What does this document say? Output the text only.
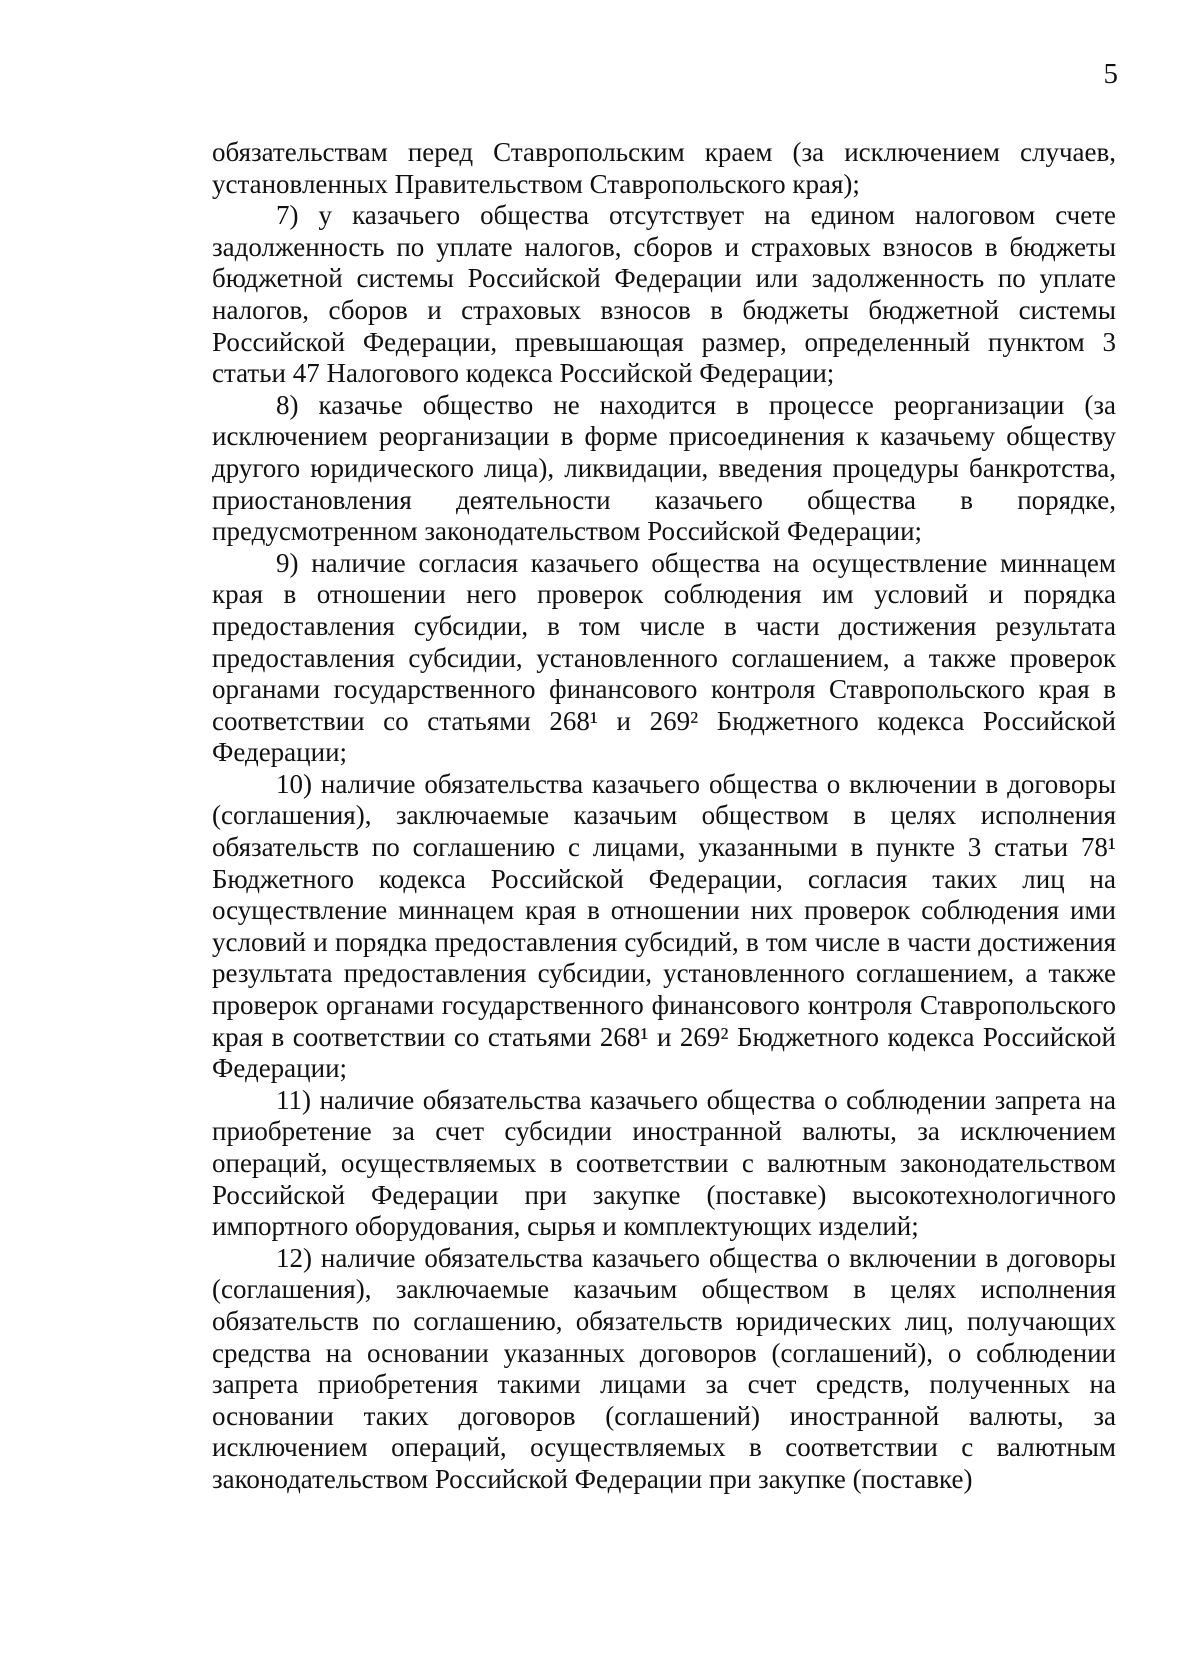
5

обязательствам перед Ставропольским краем (за исключением случаев, установленных Правительством Ставропольского края);

7) у казачьего общества отсутствует на едином налоговом счете задолженность по уплате налогов, сборов и страховых взносов в бюджеты бюджетной системы Российской Федерации или задолженность по уплате налогов, сборов и страховых взносов в бюджеты бюджетной системы Российской Федерации, превышающая размер, определенный пунктом 3 статьи 47 Налогового кодекса Российской Федерации;

8) казачье общество не находится в процессе реорганизации (за исключением реорганизации в форме присоединения к казачьему обществу другого юридического лица), ликвидации, введения процедуры банкротства, приостановления деятельности казачьего общества в порядке, предусмотренном законодательством Российской Федерации;

9) наличие согласия казачьего общества на осуществление миннацем края в отношении него проверок соблюдения им условий и порядка предоставления субсидии, в том числе в части достижения результата предоставления субсидии, установленного соглашением, а также проверок органами государственного финансового контроля Ставропольского края в соответствии со статьями 268¹ и 269² Бюджетного кодекса Российской Федерации;

10) наличие обязательства казачьего общества о включении в договоры (соглашения), заключаемые казачьим обществом в целях исполнения обязательств по соглашению с лицами, указанными в пункте 3 статьи 78¹ Бюджетного кодекса Российской Федерации, согласия таких лиц на осуществление миннацем края в отношении них проверок соблюдения ими условий и порядка предоставления субсидий, в том числе в части достижения результата предоставления субсидии, установленного соглашением, а также проверок органами государственного финансового контроля Ставропольского края в соответствии со статьями 268¹ и 269² Бюджетного кодекса Российской Федерации;

11) наличие обязательства казачьего общества о соблюдении запрета на приобретение за счет субсидии иностранной валюты, за исключением операций, осуществляемых в соответствии с валютным законодательством Российской Федерации при закупке (поставке) высокотехнологичного импортного оборудования, сырья и комплектующих изделий;

12) наличие обязательства казачьего общества о включении в договоры (соглашения), заключаемые казачьим обществом в целях исполнения обязательств по соглашению, обязательств юридических лиц, получающих средства на основании указанных договоров (соглашений), о соблюдении запрета приобретения такими лицами за счет средств, полученных на основании таких договоров (соглашений) иностранной валюты, за исключением операций, осуществляемых в соответствии с валютным законодательством Российской Федерации при закупке (поставке)
